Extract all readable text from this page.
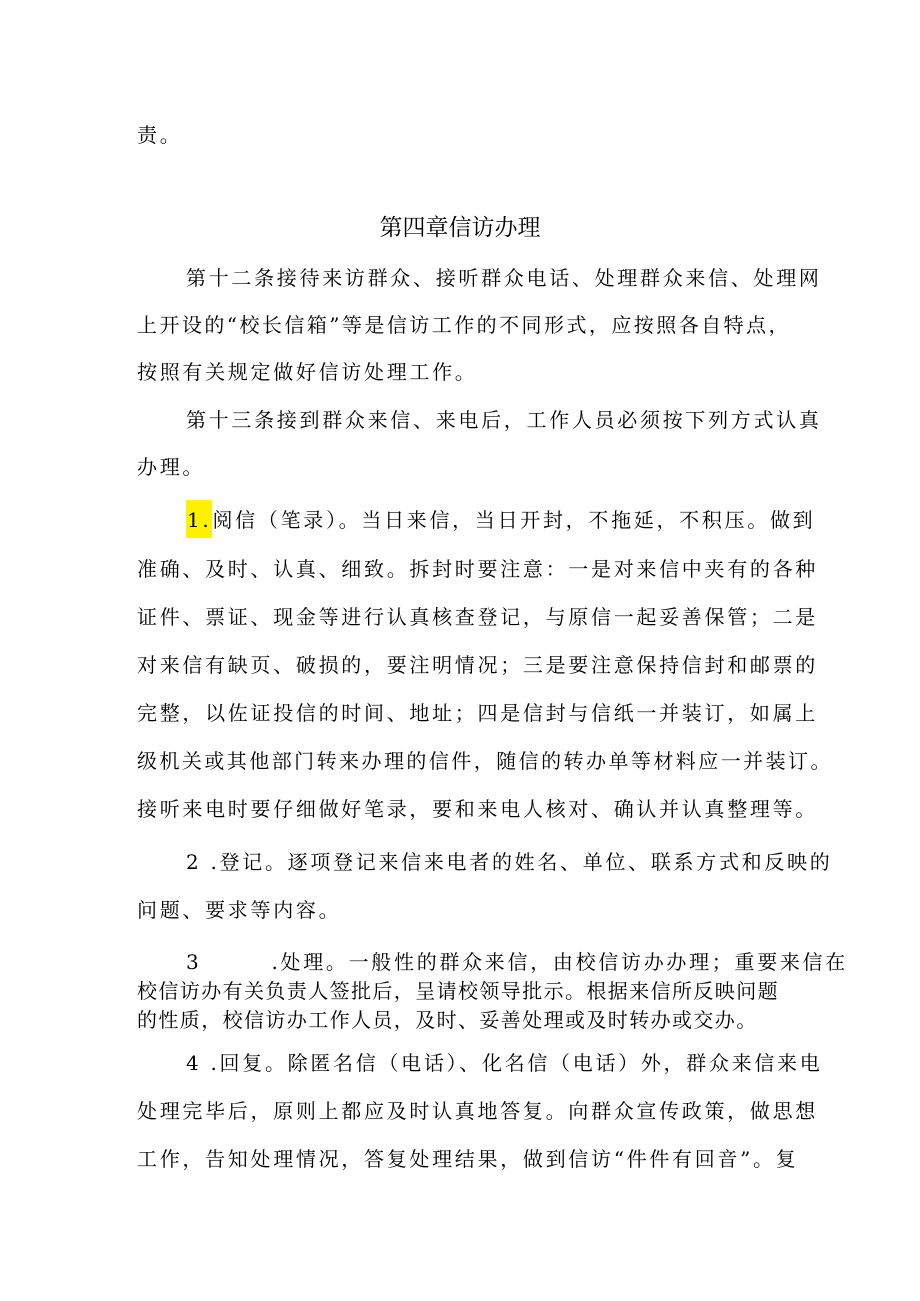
责。
第四章信访办理
第十二条接待来访群众、接听群众电话、处理群众来信、处理网
上开设的“校长信箱”等是信访工作的不同形式，应按照各自特点，
按照有关规定做好信访处理工作。
第十三条接到群众来信、来电后，工作人员必须按下列方式认真
办理。
1.阅信（笔录）。当日来信，当日开封，不拖延，不积压。做到
准确、及时、认真、细致。拆封时要注意：一是对来信中夹有的各种
证件、票证、现金等进行认真核查登记，与原信一起妥善保管；二是
对来信有缺页、破损的，要注明情况；三是要注意保持信封和邮票的
完整，以佐证投信的时间、地址；四是信封与信纸一并装订，如属上
级机关或其他部门转来办理的信件，随信的转办单等材料应一并装订。
接听来电时要仔细做好笔录，要和来电人核对、确认并认真整理等。
2 .登记。逐项登记来信来电者的姓名、单位、联系方式和反映的
问题、要求等内容。
3	.处理。一般性的群众来信，由校信访办办理；重要来信在
校信访办有关负责人签批后，呈请校领导批示。根据来信所反映问题
的性质，校信访办工作人员，及时、妥善处理或及时转办或交办。
4 .回复。除匿名信（电话）、化名信（电话）外，群众来信来电
处理完毕后，原则上都应及时认真地答复。向群众宣传政策，做思想
工作，告知处理情况，答复处理结果，做到信访“件件有回音”。复
